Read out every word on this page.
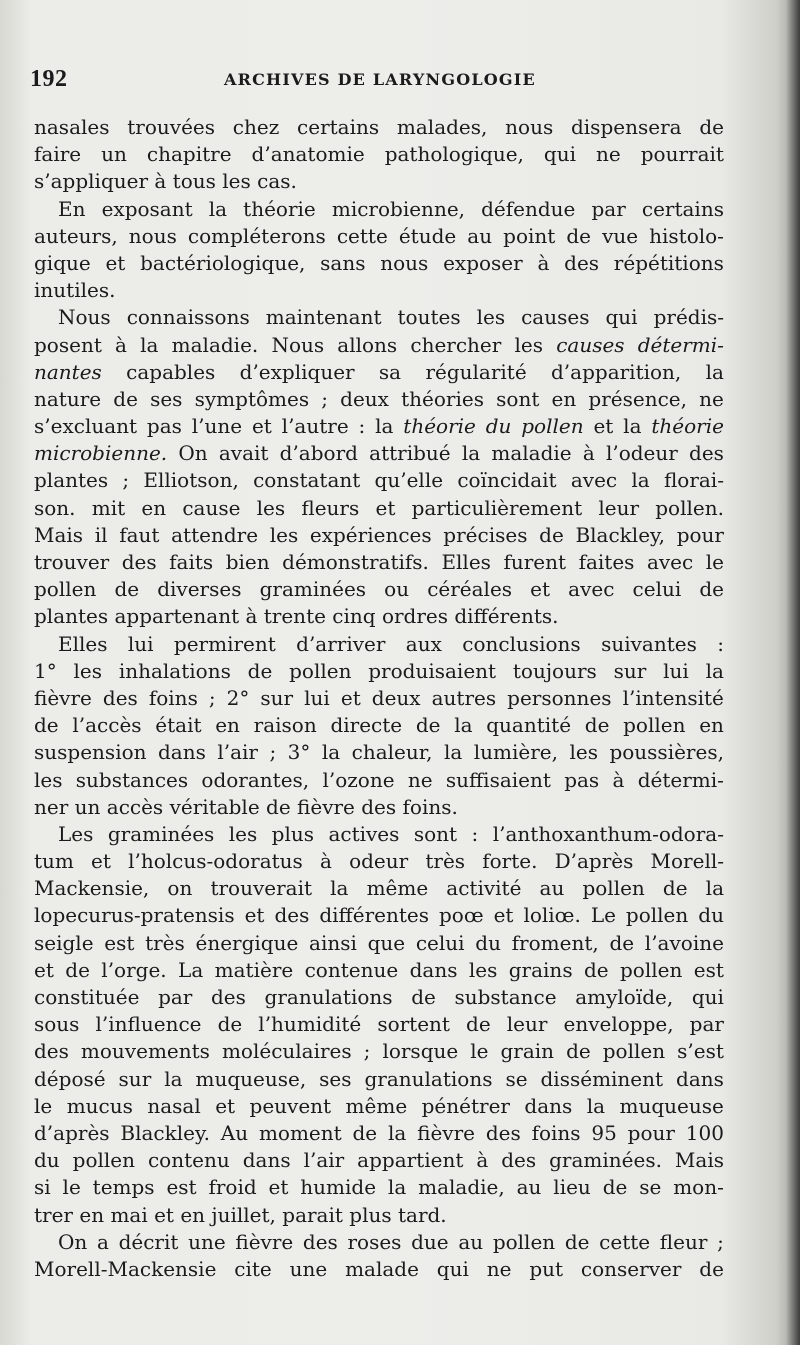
192	ARCHIVES DE LARYNGOLOGIE
nasales trouvées chez certains malades, nous dispensera de
faire un chapitre d’anatomie pathologique, qui ne pourrait
s’appliquer à tous les cas.
En exposant la théorie microbienne, défendue par certains
auteurs, nous compléterons cette étude au point de vue histolo-
gique et bactériologique, sans nous exposer à des répétitions
inutiles.
Nous connaissons maintenant toutes les causes qui prédis-
posent à la maladie. Nous allons chercher les causes détermi-
nantes capables d’expliquer sa régularité d’apparition, la
nature de ses symptômes ; deux théories sont en présence, ne
s’excluant pas l’une et l’autre : la théorie du pollen et la théorie
microbienne. On avait d’abord attribué la maladie à l’odeur des
plantes ; Elliotson, constatant qu’elle coïncidait avec la florai-
son. mit en cause les fleurs et particulièrement leur pollen.
Mais il faut attendre les expériences précises de Blackley, pour
trouver des faits bien démonstratifs. Elles furent faites avec le
pollen de diverses graminées ou céréales et avec celui de
plantes appartenant à trente cinq ordres différents.
Elles lui permirent d’arriver aux conclusions suivantes :
1° les inhalations de pollen produisaient toujours sur lui la
fièvre des foins ; 2° sur lui et deux autres personnes l’intensité
de l’accès était en raison directe de la quantité de pollen en
suspension dans l’air ; 3° la chaleur, la lumière, les poussières,
les substances odorantes, l’ozone ne suffisaient pas à détermi-
ner un accès véritable de fièvre des foins.
Les graminées les plus actives sont : l’anthoxanthum-odora-
tum et l’holcus-odoratus à odeur très forte. D’après Morell-
Mackensie, on trouverait la même activité au pollen de la
lopecurus-pratensis et des différentes poœ et loliœ. Le pollen du
seigle est très énergique ainsi que celui du froment, de l’avoine
et de l’orge. La matière contenue dans les grains de pollen est
constituée par des granulations de substance amyloïde, qui
sous l’influence de l’humidité sortent de leur enveloppe, par
des mouvements moléculaires ; lorsque le grain de pollen s’est
déposé sur la muqueuse, ses granulations se disséminent dans
le mucus nasal et peuvent même pénétrer dans la muqueuse
d’après Blackley. Au moment de la fièvre des foins 95 pour 100
du pollen contenu dans l’air appartient à des graminées. Mais
si le temps est froid et humide la maladie, au lieu de se mon-
trer en mai et en juillet, parait plus tard.
On a décrit une fièvre des roses due au pollen de cette fleur ;
Morell-Mackensie cite une malade qui ne put conserver de
